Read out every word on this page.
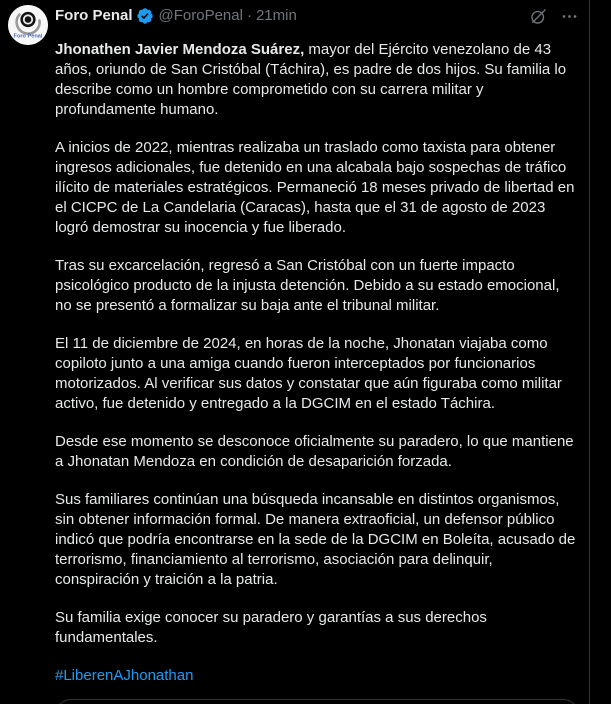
Foro Penal
Foro Penal @ForoPenal · 21min

Jhonathen Javier Mendoza Suárez, mayor del Ejército venezolano de 43 años, oriundo de San Cristóbal (Táchira), es padre de dos hijos. Su familia lo describe como un hombre comprometido con su carrera militar y profundamente humano.

A inicios de 2022, mientras realizaba un traslado como taxista para obtener ingresos adicionales, fue detenido en una alcabala bajo sospechas de tráfico ilícito de materiales estratégicos. Permaneció 18 meses privado de libertad en el CICPC de La Candelaria (Caracas), hasta que el 31 de agosto de 2023 logró demostrar su inocencia y fue liberado.

Tras su excarcelación, regresó a San Cristóbal con un fuerte impacto psicológico producto de la injusta detención. Debido a su estado emocional, no se presentó a formalizar su baja ante el tribunal militar.

El 11 de diciembre de 2024, en horas de la noche, Jhonatan viajaba como copiloto junto a una amiga cuando fueron interceptados por funcionarios motorizados. Al verificar sus datos y constatar que aún figuraba como militar activo, fue detenido y entregado a la DGCIM en el estado Táchira.

Desde ese momento se desconoce oficialmente su paradero, lo que mantiene a Jhonatan Mendoza en condición de desaparición forzada.

Sus familiares continúan una búsqueda incansable en distintos organismos, sin obtener información formal. De manera extraoficial, un defensor público indicó que podría encontrarse en la sede de la DGCIM en Boleíta, acusado de terrorismo, financiamiento al terrorismo, asociación para delinquir, conspiración y traición a la patria.

Su familia exige conocer su paradero y garantías a sus derechos fundamentales.

#LiberenAJhonathan
